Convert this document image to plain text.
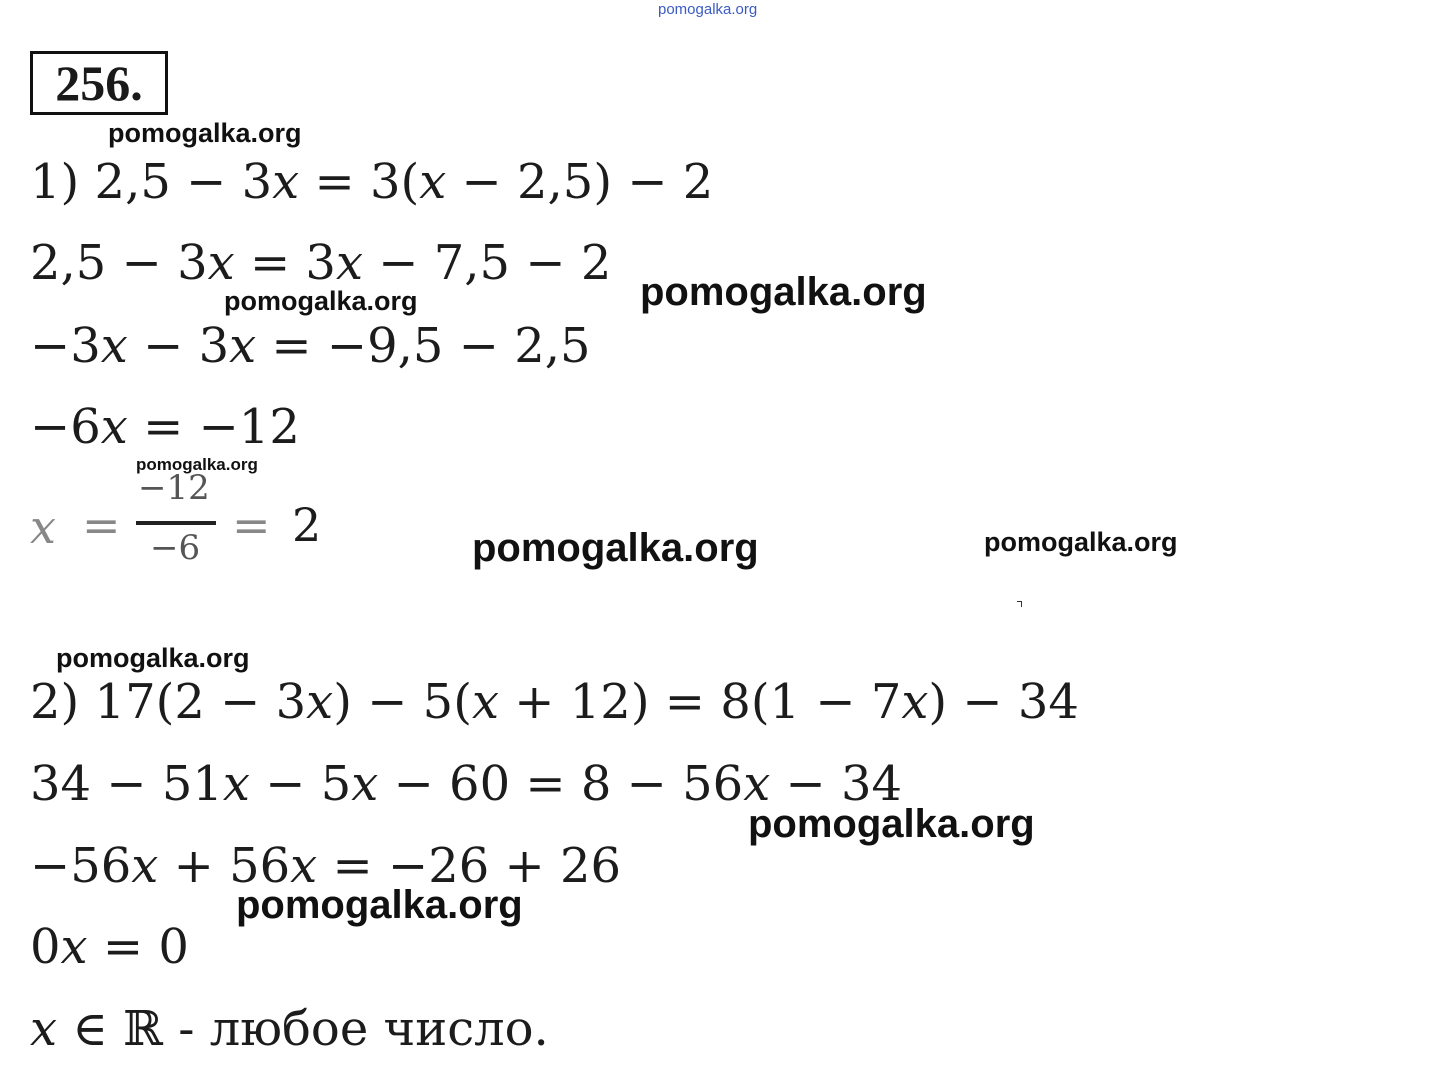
pomogalka.org
256.
pomogalka.org
pomogalka.org
pomogalka.org
pomogalka.org
pomogalka.org	pomogalka.org
pomogalka.org
pomogalka.org
pomogalka.org
1) 2,5 − 3𝑥 = 3(𝑥 − 2,5) − 2
2,5 − 3𝑥 = 3𝑥 − 7,5 − 2
−3𝑥 − 3𝑥 = −9,5 − 2,5
−6𝑥 = −12
𝑥 =
−12
−6 = 2
2) 17(2 − 3𝑥) − 5(𝑥 + 12) = 8(1 − 7𝑥) − 34
34 − 51𝑥 − 5𝑥 − 60 = 8 − 56𝑥 − 34
−56𝑥 + 56𝑥 = −26 + 26
0𝑥 = 0
𝑥 ∈ ℝ - любое число.
